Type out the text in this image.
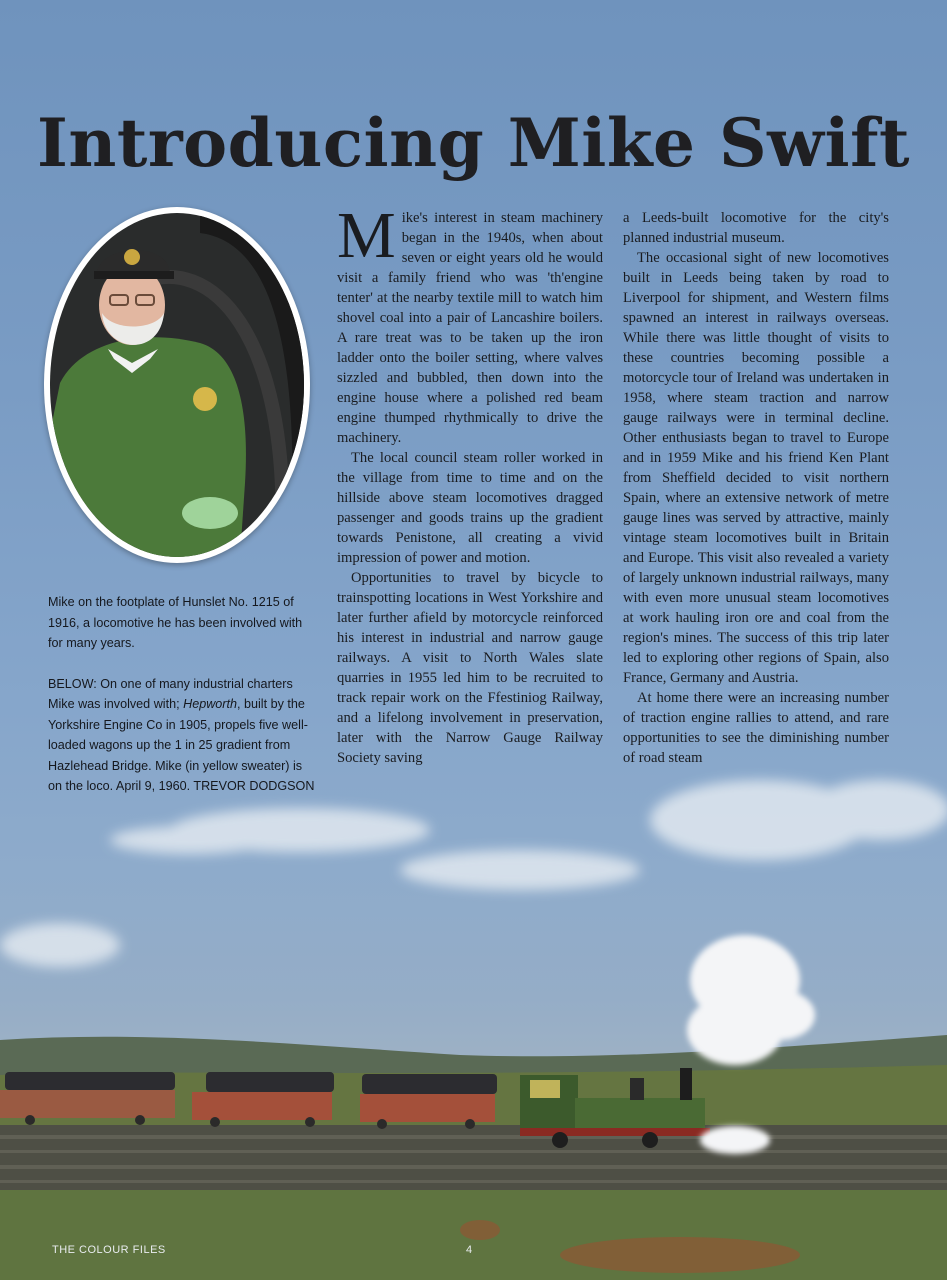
Introducing Mike Swift

Mike on the footplate of Hunslet No. 1215 of 1916, a locomotive he has been involved with for many years.

BELOW: On one of many industrial charters Mike was involved with; Hepworth, built by the Yorkshire Engine Co in 1905, propels five well-loaded wagons up the 1 in 25 gradient from Hazlehead Bridge. Mike (in yellow sweater) is on the loco. April 9, 1960. TREVOR DODGSON

Mike's interest in steam machinery began in the 1940s, when about seven or eight years old he would visit a family friend who was 'th'engine tenter' at the nearby textile mill to watch him shovel coal into a pair of Lancashire boilers. A rare treat was to be taken up the iron ladder onto the boiler setting, where valves sizzled and bubbled, then down into the engine house where a polished red beam engine thumped rhythmically to drive the machinery.

The local council steam roller worked in the village from time to time and on the hillside above steam locomotives dragged passenger and goods trains up the gradient towards Penistone, all creating a vivid impression of power and motion.

Opportunities to travel by bicycle to trainspotting locations in West Yorkshire and later further afield by motorcycle reinforced his interest in industrial and narrow gauge railways. A visit to North Wales slate quarries in 1955 led him to be recruited to track repair work on the Ffestiniog Railway, and a lifelong involvement in preservation, later with the Narrow Gauge Railway Society saving

a Leeds-built locomotive for the city's planned industrial museum.

The occasional sight of new locomotives built in Leeds being taken by road to Liverpool for shipment, and Western films spawned an interest in railways overseas. While there was little thought of visits to these countries becoming possible a motorcycle tour of Ireland was undertaken in 1958, where steam traction and narrow gauge railways were in terminal decline. Other enthusiasts began to travel to Europe and in 1959 Mike and his friend Ken Plant from Sheffield decided to visit northern Spain, where an extensive network of metre gauge lines was served by attractive, mainly vintage steam locomotives built in Britain and Europe. This visit also revealed a variety of largely unknown industrial railways, many with even more unusual steam locomotives at work hauling iron ore and coal from the region's mines. The success of this trip later led to exploring other regions of Spain, also France, Germany and Austria.

At home there were an increasing number of traction engine rallies to attend, and rare opportunities to see the diminishing number of road steam

THE COLOUR FILES	4
